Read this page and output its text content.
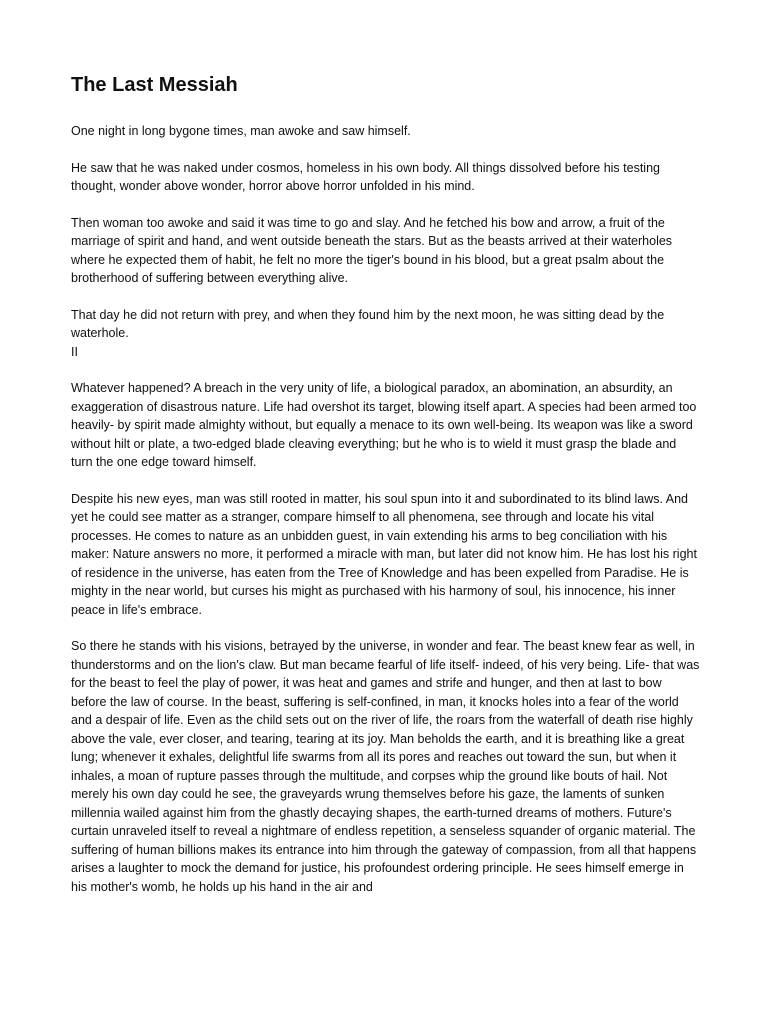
The Last Messiah

One night in long bygone times, man awoke and saw himself.

He saw that he was naked under cosmos, homeless in his own body. All things dissolved before his testing thought, wonder above wonder, horror above horror unfolded in his mind.

Then woman too awoke and said it was time to go and slay. And he fetched his bow and arrow, a fruit of the marriage of spirit and hand, and went outside beneath the stars. But as the beasts arrived at their waterholes where he expected them of habit, he felt no more the tiger's bound in his blood, but a great psalm about the brotherhood of suffering between everything alive.

That day he did not return with prey, and when they found him by the next moon, he was sitting dead by the waterhole.

II

Whatever happened? A breach in the very unity of life, a biological paradox, an abomination, an absurdity, an exaggeration of disastrous nature. Life had overshot its target, blowing itself apart. A species had been armed too heavily- by spirit made almighty without, but equally a menace to its own well-being. Its weapon was like a sword without hilt or plate, a two-edged blade cleaving everything; but he who is to wield it must grasp the blade and turn the one edge toward himself.

Despite his new eyes, man was still rooted in matter, his soul spun into it and subordinated to its blind laws. And yet he could see matter as a stranger, compare himself to all phenomena, see through and locate his vital processes. He comes to nature as an unbidden guest, in vain extending his arms to beg conciliation with his maker: Nature answers no more, it performed a miracle with man, but later did not know him. He has lost his right of residence in the universe, has eaten from the Tree of Knowledge and has been expelled from Paradise. He is mighty in the near world, but curses his might as purchased with his harmony of soul, his innocence, his inner peace in life's embrace.

So there he stands with his visions, betrayed by the universe, in wonder and fear. The beast knew fear as well, in thunderstorms and on the lion's claw. But man became fearful of life itself- indeed, of his very being. Life- that was for the beast to feel the play of power, it was heat and games and strife and hunger, and then at last to bow before the law of course. In the beast, suffering is self-confined, in man, it knocks holes into a fear of the world and a despair of life. Even as the child sets out on the river of life, the roars from the waterfall of death rise highly above the vale, ever closer, and tearing, tearing at its joy. Man beholds the earth, and it is breathing like a great lung; whenever it exhales, delightful life swarms from all its pores and reaches out toward the sun, but when it inhales, a moan of rupture passes through the multitude, and corpses whip the ground like bouts of hail. Not merely his own day could he see, the graveyards wrung themselves before his gaze, the laments of sunken millennia wailed against him from the ghastly decaying shapes, the earth-turned dreams of mothers. Future's curtain unraveled itself to reveal a nightmare of endless repetition, a senseless squander of organic material. The suffering of human billions makes its entrance into him through the gateway of compassion, from all that happens arises a laughter to mock the demand for justice, his profoundest ordering principle. He sees himself emerge in his mother's womb, he holds up his hand in the air and
